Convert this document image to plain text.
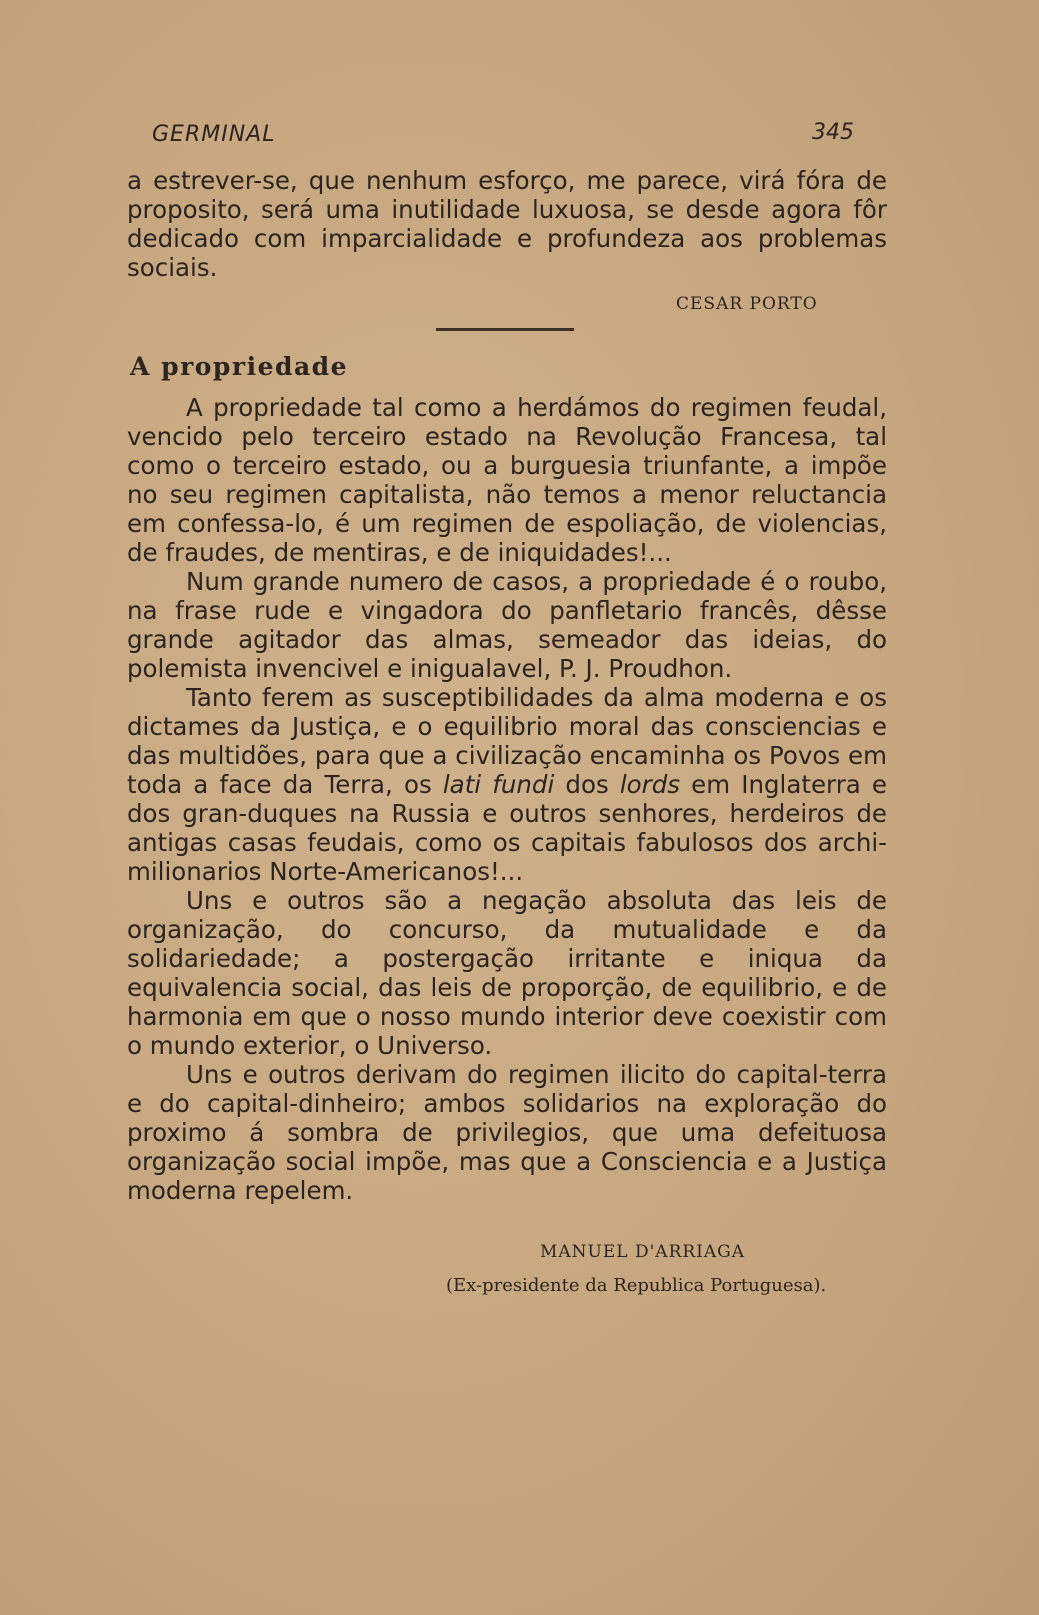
GERMINAL	345

a estrever-se, que nenhum esforço, me parece, virá fóra de proposito, será uma inutilidade luxuosa, se desde agora fôr dedicado com imparcialidade e profundeza aos problemas sociais.

CESAR PORTO
A propriedade

A propriedade tal como a herdámos do regimen feudal, vencido pelo terceiro estado na Revolução Francesa, tal como o terceiro estado, ou a burguesia triunfante, a impõe no seu regimen capitalista, não temos a menor reluctancia em confessa-lo, é um regimen de espoliação, de violencias, de fraudes, de mentiras, e de iniquidades!...

Num grande numero de casos, a propriedade é o roubo, na frase rude e vingadora do panfletario francês, dêsse grande agitador das almas, semeador das ideias, do polemista invencivel e inigualavel, P. J. Proudhon.

Tanto ferem as susceptibilidades da alma moderna e os dictames da Justiça, e o equilibrio moral das consciencias e das multidões, para que a civilização encaminha os Povos em toda a face da Terra, os lati fundi dos lords em Inglaterra e dos gran-duques na Russia e outros senhores, herdeiros de antigas casas feudais, como os capitais fabulosos dos archi-milionarios Norte-Americanos!...

Uns e outros são a negação absoluta das leis de organização, do concurso, da mutualidade e da solidariedade; a postergação irritante e iniqua da equivalencia social, das leis de proporção, de equilibrio, e de harmonia em que o nosso mundo interior deve coexistir com o mundo exterior, o Universo.

Uns e outros derivam do regimen ilicito do capital-terra e do capital-dinheiro; ambos solidarios na exploração do proximo á sombra de privilegios, que uma defeituosa organização social impõe, mas que a Consciencia e a Justiça moderna repelem.

MANUEL D'ARRIAGA
(Ex-presidente da Republica Portuguesa).
